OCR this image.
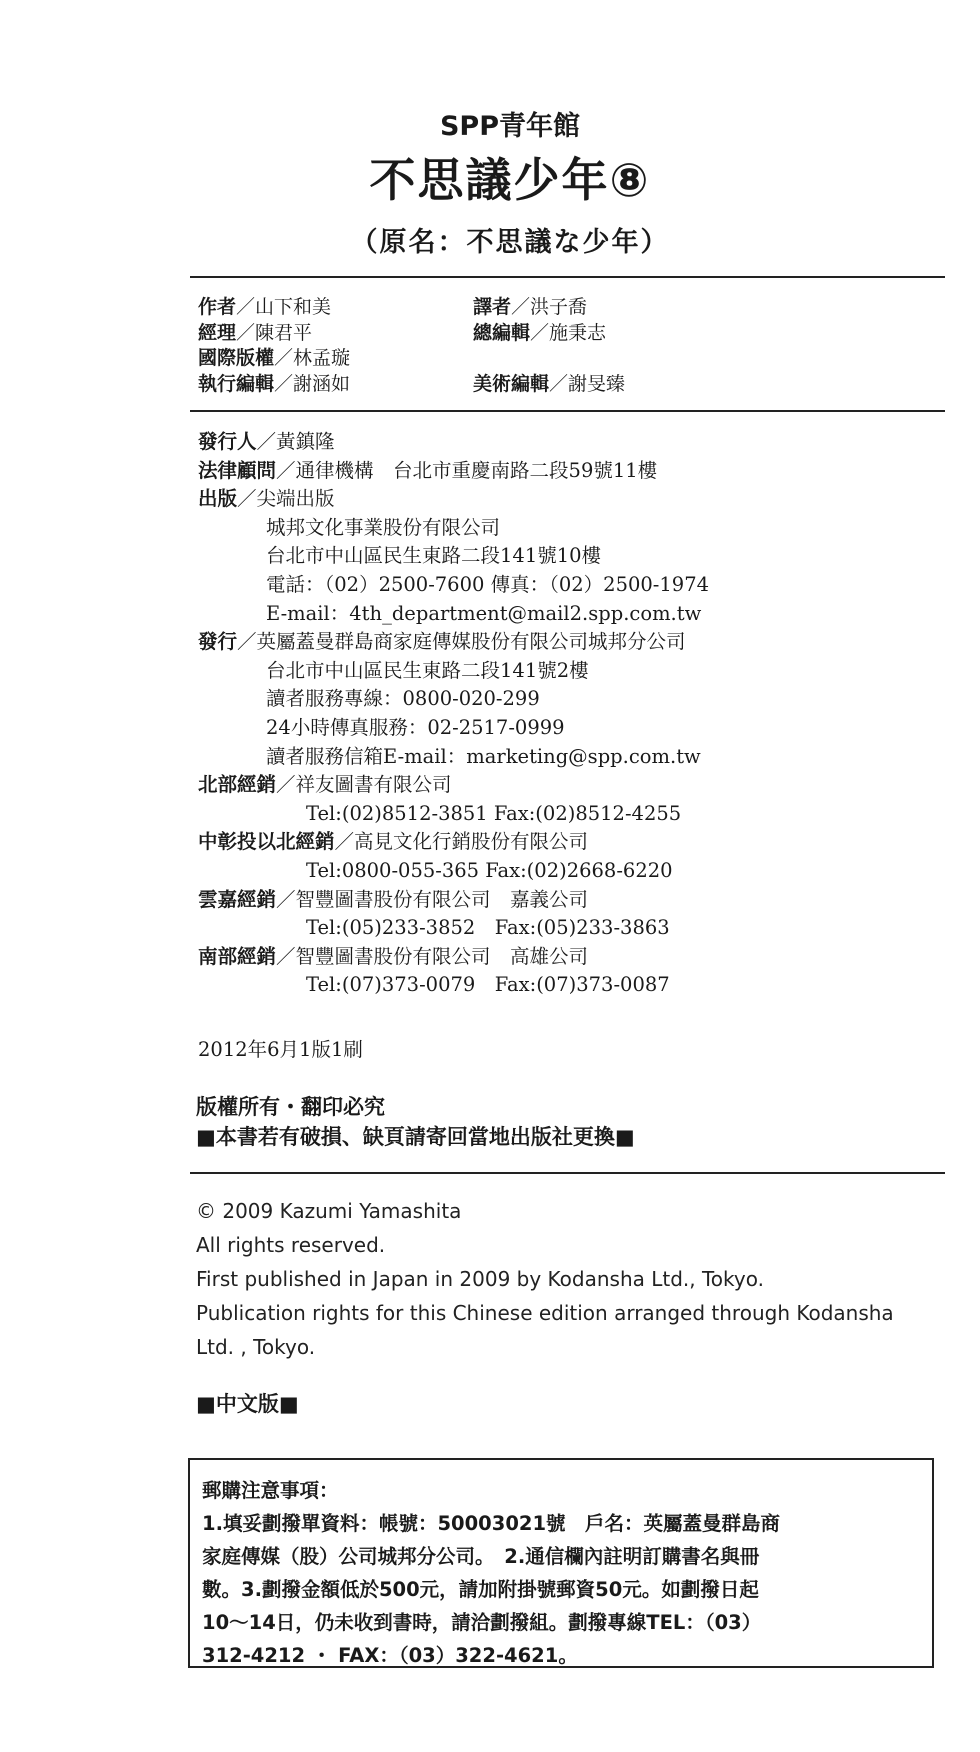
SPP青年館
不思議少年⑧
（原名：不思議な少年）
作者／山下和美	譯者／洪子喬
經理／陳君平	總編輯／施秉志
國際版權／林孟璇
執行編輯／謝涵如	美術編輯／謝旻臻
發行人／黃鎮隆
法律顧問／通律機構　台北市重慶南路二段59號11樓
出版／尖端出版
城邦文化事業股份有限公司
台北市中山區民生東路二段141號10樓
電話：（02）2500-7600 傳真：（02）2500-1974
E-mail：4th_department@mail2.spp.com.tw
發行／英屬蓋曼群島商家庭傳媒股份有限公司城邦分公司
台北市中山區民生東路二段141號2樓
讀者服務專線：0800-020-299
24小時傳真服務：02-2517-0999
讀者服務信箱E-mail：marketing@spp.com.tw
北部經銷／祥友圖書有限公司
Tel:(02)8512-3851 Fax:(02)8512-4255
中彰投以北經銷／高見文化行銷股份有限公司
Tel:0800-055-365 Fax:(02)2668-6220
雲嘉經銷／智豐圖書股份有限公司　嘉義公司
Tel:(05)233-3852　Fax:(05)233-3863
南部經銷／智豐圖書股份有限公司　高雄公司
Tel:(07)373-0079　Fax:(07)373-0087
2012年6月1版1刷
版權所有・翻印必究
■本書若有破損、缺頁請寄回當地出版社更換■
© 2009 Kazumi Yamashita
All rights reserved.
First published in Japan in 2009 by Kodansha Ltd., Tokyo.
Publication rights for this Chinese edition arranged through Kodansha
Ltd. , Tokyo.
■中文版■
郵購注意事項：
1.填妥劃撥單資料：帳號：50003021號　戶名：英屬蓋曼群島商
家庭傳媒（股）公司城邦分公司。　2.通信欄內註明訂購書名與冊
數。3.劃撥金額低於500元，請加附掛號郵資50元。如劃撥日起
10～14日，仍未收到書時，請洽劃撥組。劃撥專線TEL：（03）
312-4212 ・ FAX：（03）322-4621。
